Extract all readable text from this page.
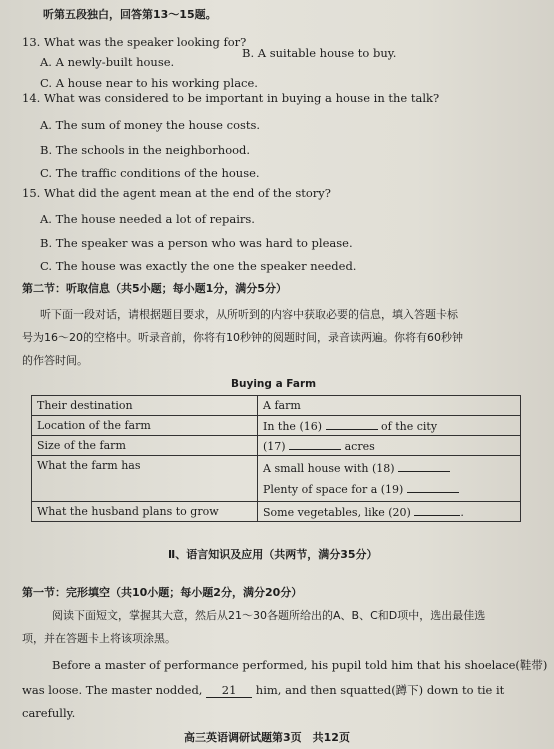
听第五段独白，回答第13～15题。
13. What was the speaker looking for?
A. A newly-built house.
B. A suitable house to buy.
C. A house near to his working place.
14. What was considered to be important in buying a house in the talk?
A. The sum of money the house costs.
B. The schools in the neighborhood.
C. The traffic conditions of the house.
15. What did the agent mean at the end of the story?
A. The house needed a lot of repairs.
B. The speaker was a person who was hard to please.
C. The house was exactly the one the speaker needed.
第二节：听取信息（共5小题；每小题1分，满分5分）
听下面一段对话，请根据题目要求，从所听到的内容中获取必要的信息，填入答题卡标
号为16～20的空格中。听录音前，你将有10秒钟的阅题时间，录音读两遍。你将有60秒钟
的作答时间。
Buying a Farm
Their destination	A farm
Location of the farm	In the (16) of the city
Size of the farm	(17) acres
What the farm has	A small house with (18)
Plenty of space for a (19)

What the husband plans to grow	Some vegetables, like (20) .
Ⅱ、语言知识及应用（共两节，满分35分）
第一节：完形填空（共10小题；每小题2分，满分20分）
阅读下面短文，掌握其大意，然后从21～30各题所给出的A、B、C和D项中，选出最佳选
项，并在答题卡上将该项涂黑。
Before a master of performance performed, his pupil told him that his shoelace(鞋带)
was loose. The master nodded, 21 him, and then squatted(蹲下) down to tie it
carefully.
高三英语调研试题第3页　共12页
